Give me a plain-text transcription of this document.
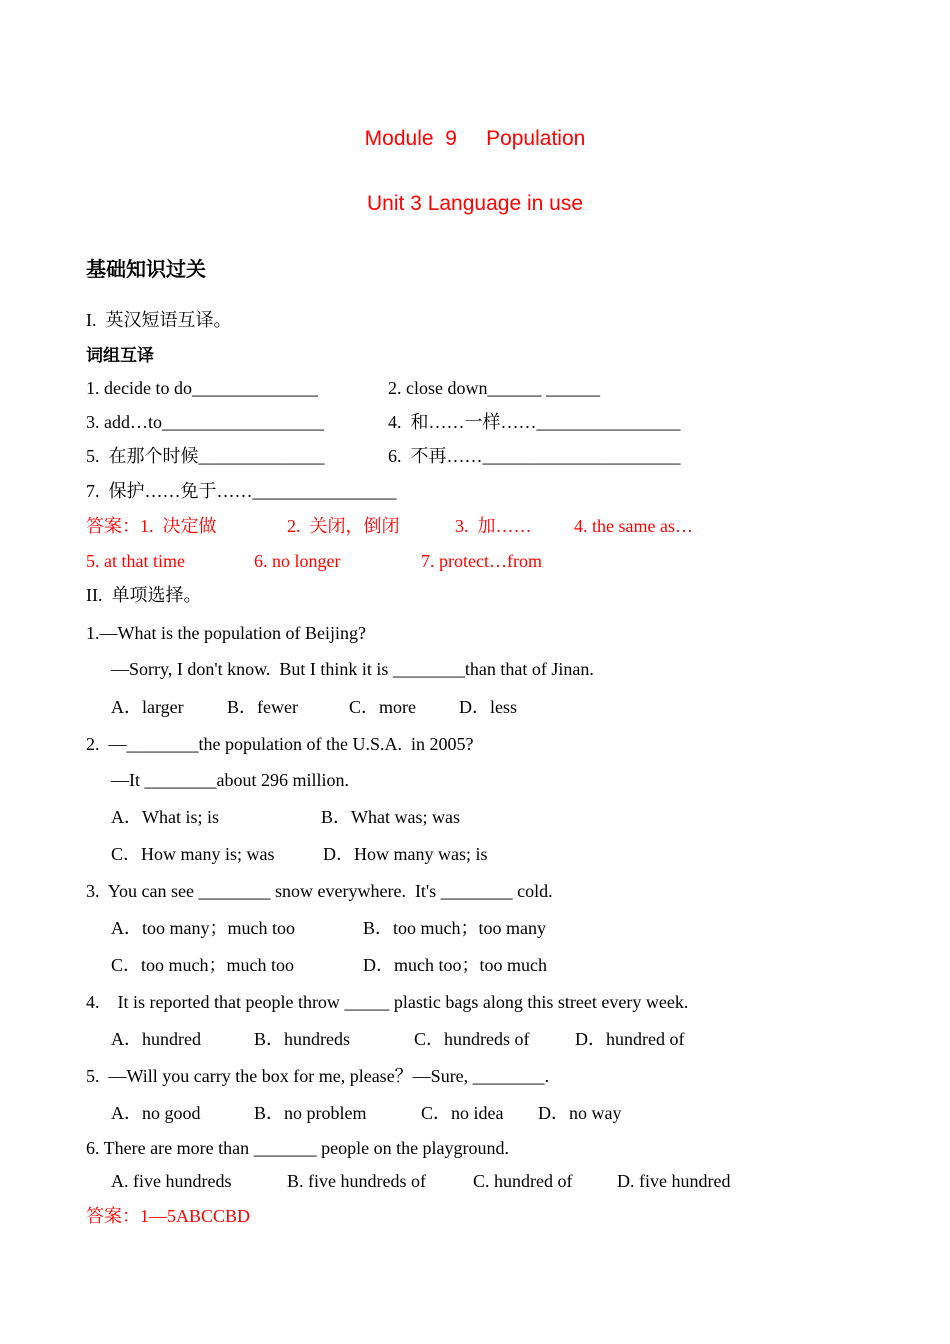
Module  9     Population
Unit 3 Language in use
基础知识过关
I.  英汉短语互译。
词组互译
1. decide to do______________	2. close down______ ______
3. add…to__________________	4.  和……一样……________________
5.  在那个时候______________	6.  不再……______________________
7.  保护……免于……________________
答案：1.  决定做	2.  关闭，倒闭	3.  加…… 4. the same as…
5. at that time	6. no longer	7. protect…from
II.  单项选择。
1.—What is the population of Beijing?
—Sorry, I don't know.  But I think it is ________than that of Jinan.
A．larger B．fewer	C．more D．less
2.  —________the population of the U.S.A.  in 2005?
—It ________about 296 million.
A．What is; is	B．What was; was
C．How many is; was	D．How many was; is
3.  You can see ________ snow everywhere.  It's ________ cold.
A．too many；much too	B．too much；too many
C．too much；much too	D．much too；too much
4.    It is reported that people throw _____ plastic bags along this street every week.
A．hundred	B．hundreds	C．hundreds of	D．hundred of
5.  —Will you carry the box for me, please？—Sure, ________.
A．no good	B．no problem	C．no idea D．no way
6. There are more than _______ people on the playground.
A. five hundreds	B. five hundreds of	C. hundred of D. five hundred
答案：1—5ABCCBD
